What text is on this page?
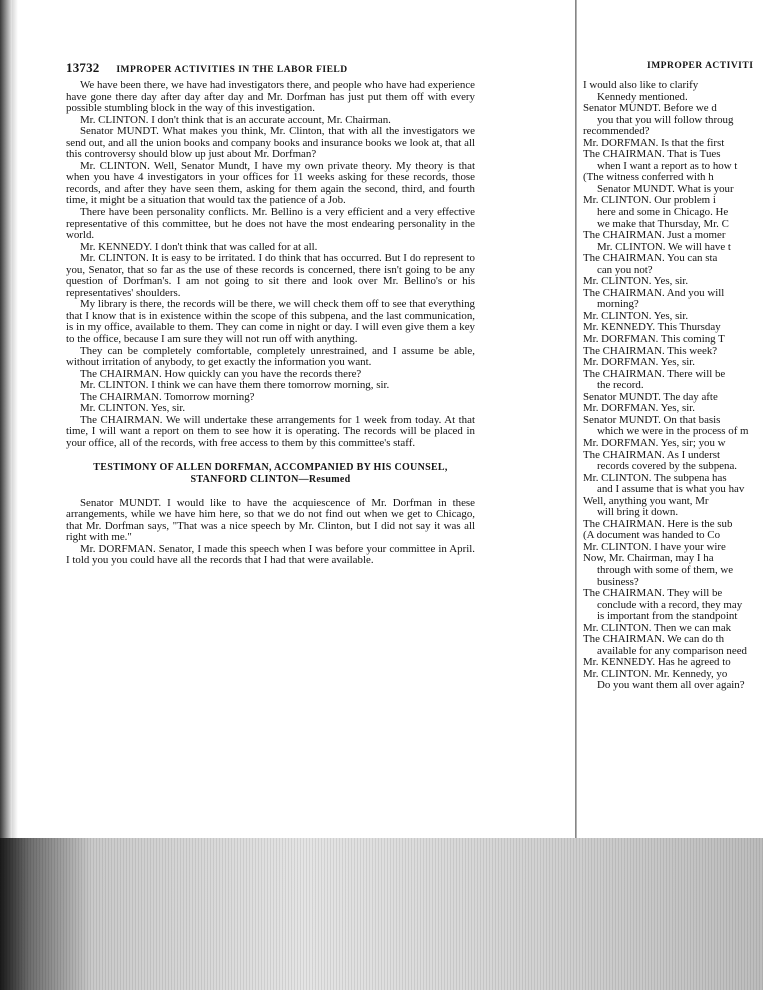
13732 IMPROPER ACTIVITIES IN THE LABOR FIELD

We have been there, we have had investigators there, and people who have had experience have gone there day after day after day and Mr. Dorfman has just put them off with every possible stumbling block in the way of this investigation.

Mr. CLINTON. I don't think that is an accurate account, Mr. Chairman.

Senator MUNDT. What makes you think, Mr. Clinton, that with all the investigators we send out, and all the union books and company books and insurance books we look at, that all this controversy should blow up just about Mr. Dorfman?

Mr. CLINTON. Well, Senator Mundt, I have my own private theory. My theory is that when you have 4 investigators in your offices for 11 weeks asking for these records, those records, and after they have seen them, asking for them again the second, third, and fourth time, it might be a situation that would tax the patience of a Job.

There have been personality conflicts. Mr. Bellino is a very efficient and a very effective representative of this committee, but he does not have the most endearing personality in the world.

Mr. KENNEDY. I don't think that was called for at all.

Mr. CLINTON. It is easy to be irritated. I do think that has occurred. But I do represent to you, Senator, that so far as the use of these records is concerned, there isn't going to be any question of Dorfman's. I am not going to sit there and look over Mr. Bellino's or his representatives' shoulders.

My library is there, the records will be there, we will check them off to see that everything that I know that is in existence within the scope of this subpena, and the last communication, is in my office, available to them. They can come in night or day. I will even give them a key to the office, because I am sure they will not run off with anything.

They can be completely comfortable, completely unrestrained, and I assume be able, without irritation of anybody, to get exactly the information you want.

The CHAIRMAN. How quickly can you have the records there?

Mr. CLINTON. I think we can have them there tomorrow morning, sir.

The CHAIRMAN. Tomorrow morning?

Mr. CLINTON. Yes, sir.

The CHAIRMAN. We will undertake these arrangements for 1 week from today. At that time, I will want a report on them to see how it is operating. The records will be placed in your office, all of the records, with free access to them by this committee's staff.

TESTIMONY OF ALLEN DORFMAN, ACCOMPANIED BY HIS COUNSEL, STANFORD CLINTON—Resumed

Senator MUNDT. I would like to have the acquiescence of Mr. Dorfman in these arrangements, while we have him here, so that we do not find out when we get to Chicago, that Mr. Dorfman says, "That was a nice speech by Mr. Clinton, but I did not say it was all right with me."

Mr. DORFMAN. Senator, I made this speech when I was before your committee in April. I told you you could have all the records that I had that were available.

IMPROPER ACTIVITI
I would also like to clarify
Kennedy mentioned.
Senator MUNDT. Before we d
you that you will follow throug
recommended?
Mr. DORFMAN. Is that the first
The CHAIRMAN. That is Tues
when I want a report as to how t
(The witness conferred with h
Senator MUNDT. What is your
Mr. CLINTON. Our problem i
here and some in Chicago. He
we make that Thursday, Mr. C
The CHAIRMAN. Just a momer
Mr. CLINTON. We will have t
The CHAIRMAN. You can sta
can you not?
Mr. CLINTON. Yes, sir.
The CHAIRMAN. And you will
morning?
Mr. CLINTON. Yes, sir.
Mr. KENNEDY. This Thursday
Mr. DORFMAN. This coming T
The CHAIRMAN. This week?
Mr. DORFMAN. Yes, sir.
The CHAIRMAN. There will be
the record.
Senator MUNDT. The day afte
Mr. DORFMAN. Yes, sir.
Senator MUNDT. On that basis
which we were in the process of m
Mr. DORFMAN. Yes, sir; you w
The CHAIRMAN. As I underst
records covered by the subpena.
Mr. CLINTON. The subpena has
and I assume that is what you hav
Well, anything you want, Mr
will bring it down.
The CHAIRMAN. Here is the sub
(A document was handed to Co
Mr. CLINTON. I have your wire
Now, Mr. Chairman, may I ha
through with some of them, we
business?
The CHAIRMAN. They will be
conclude with a record, they may
is important from the standpoint
Mr. CLINTON. Then we can mak
The CHAIRMAN. We can do th
available for any comparison need
Mr. KENNEDY. Has he agreed to
Mr. CLINTON. Mr. Kennedy, yo
Do you want them all over again?
